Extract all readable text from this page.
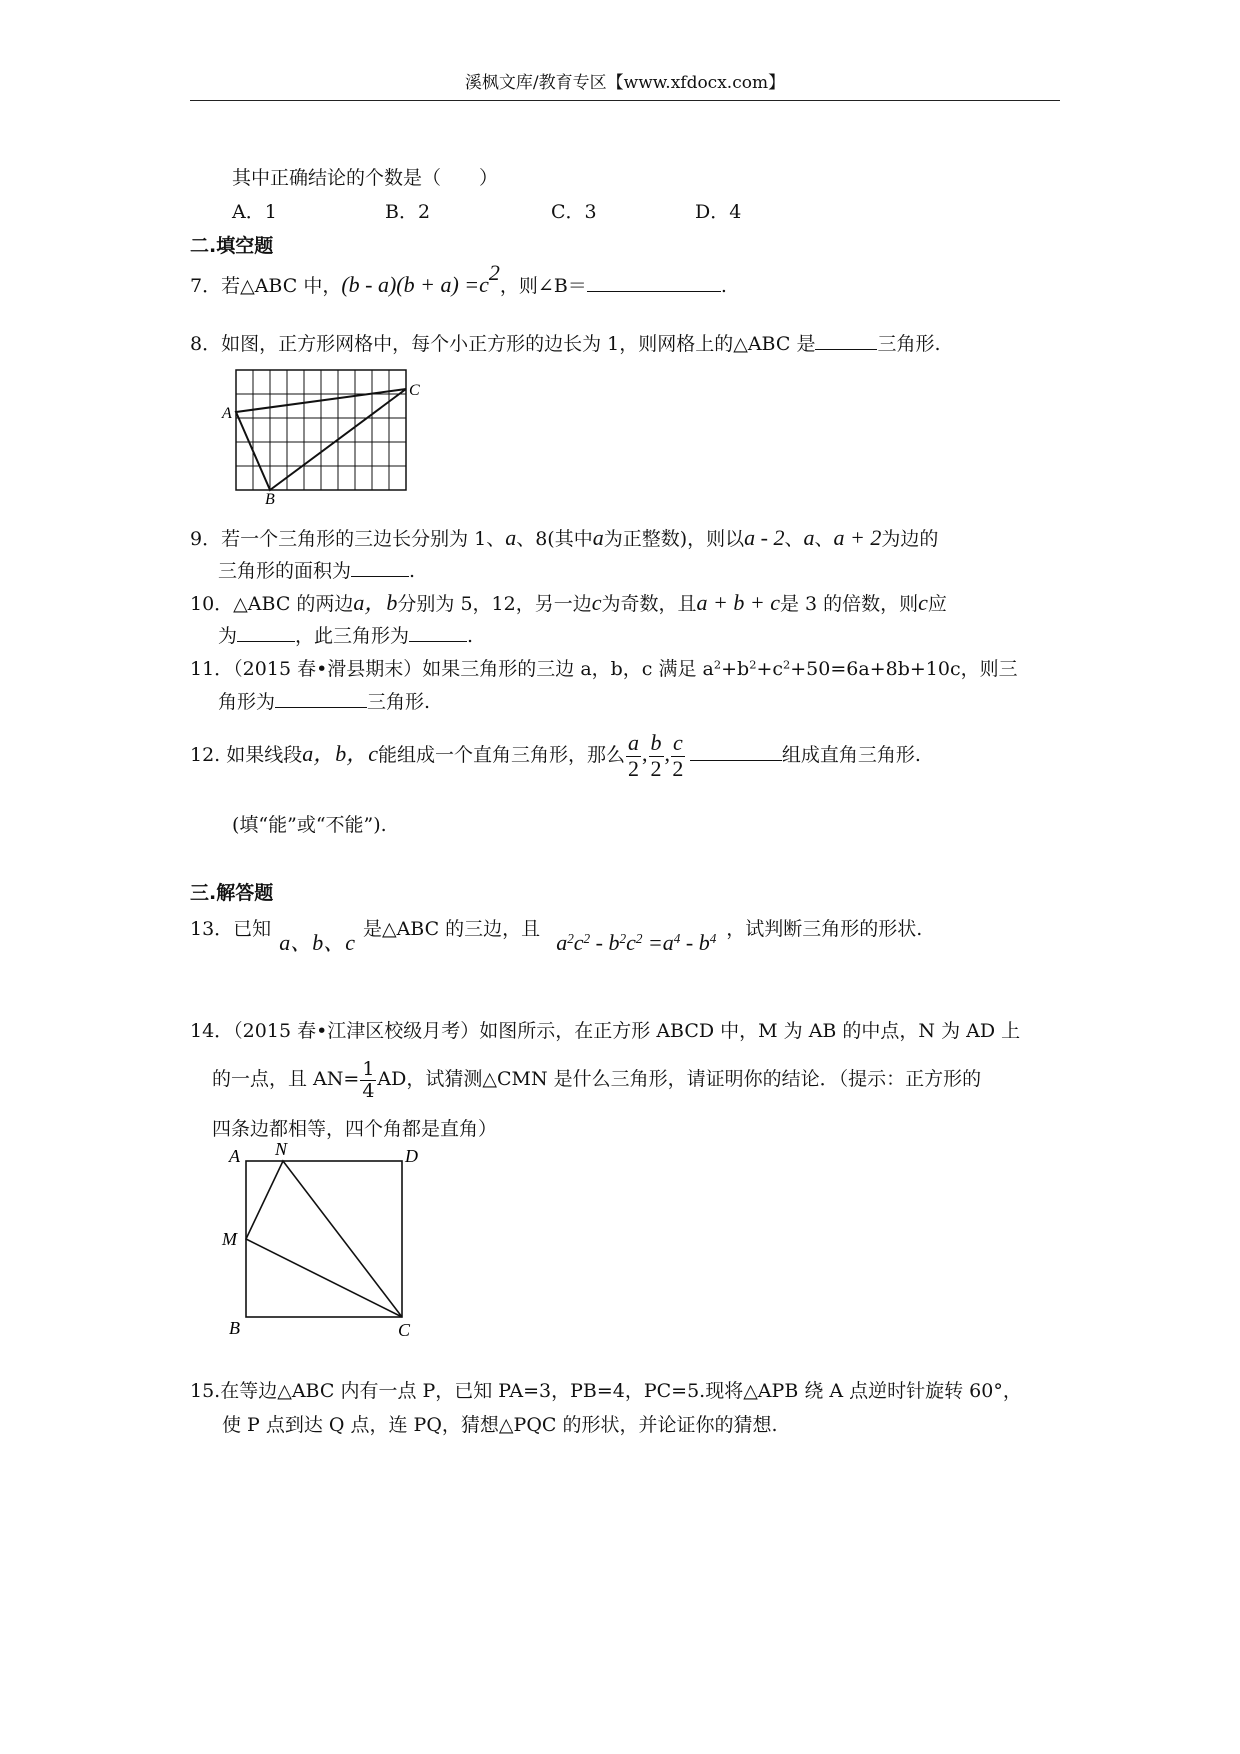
溪枫文库/教育专区【www.xfdocx.com】
其中正确结论的个数是（　　）
A．1	B．2	C．3	D．4
二.填空题
7．若△ABC 中，$(b - a)(b + a) =c^2$，则∠B＝	.
8．如图，正方形网格中，每个小正方形的边长为 1，则网格上的△ABC 是	三角形.
A
C
B
9．若一个三角形的三边长分别为 1、a、8(其中a为正整数)，则以a - 2、a、a + 2为边的
三角形的面积为	.
10．△ABC 的两边a，b分别为 5，12，另一边c为奇数，且a + b + c是 3 的倍数，则c应
为	，此三角形为	.
11．（2015 春•滑县期末）如果三角形的三边 a，b，c 满足 $a^2+b^2+c^2+50=6a+8b+10c$，则三
角形为	三角形.
12. 如果线段a，b，c能组成一个直角三角形，那么 $\frac{a}{2}$ , $\frac{b}{2}$ , $\frac{c}{2}$	组成直角三角形.
(填“能”或“不能”).
三.解答题
13．已知a、b、c是△ABC 的三边，且$a^2c^2 - b^2c^2 =a^4 - b^4$ ，试判断三角形的形状.
14．（2015 春•江津区校级月考）如图所示，在正方形 ABCD 中，M 为 AB 的中点，N 为 AD 上
的一点，且 $AN= \frac{1}{4}$ AD，试猜测△CMN 是什么三角形，请证明你的结论．（提示：正方形的
四条边都相等，四个角都是直角）
A N	D
M
B	C
15.在等边△ABC 内有一点 P，已知 PA=3，PB=4，PC=5.现将△APB 绕 A 点逆时针旋转 60°，
使 P 点到达 Q 点，连 PQ，猜想△PQC 的形状，并论证你的猜想.
